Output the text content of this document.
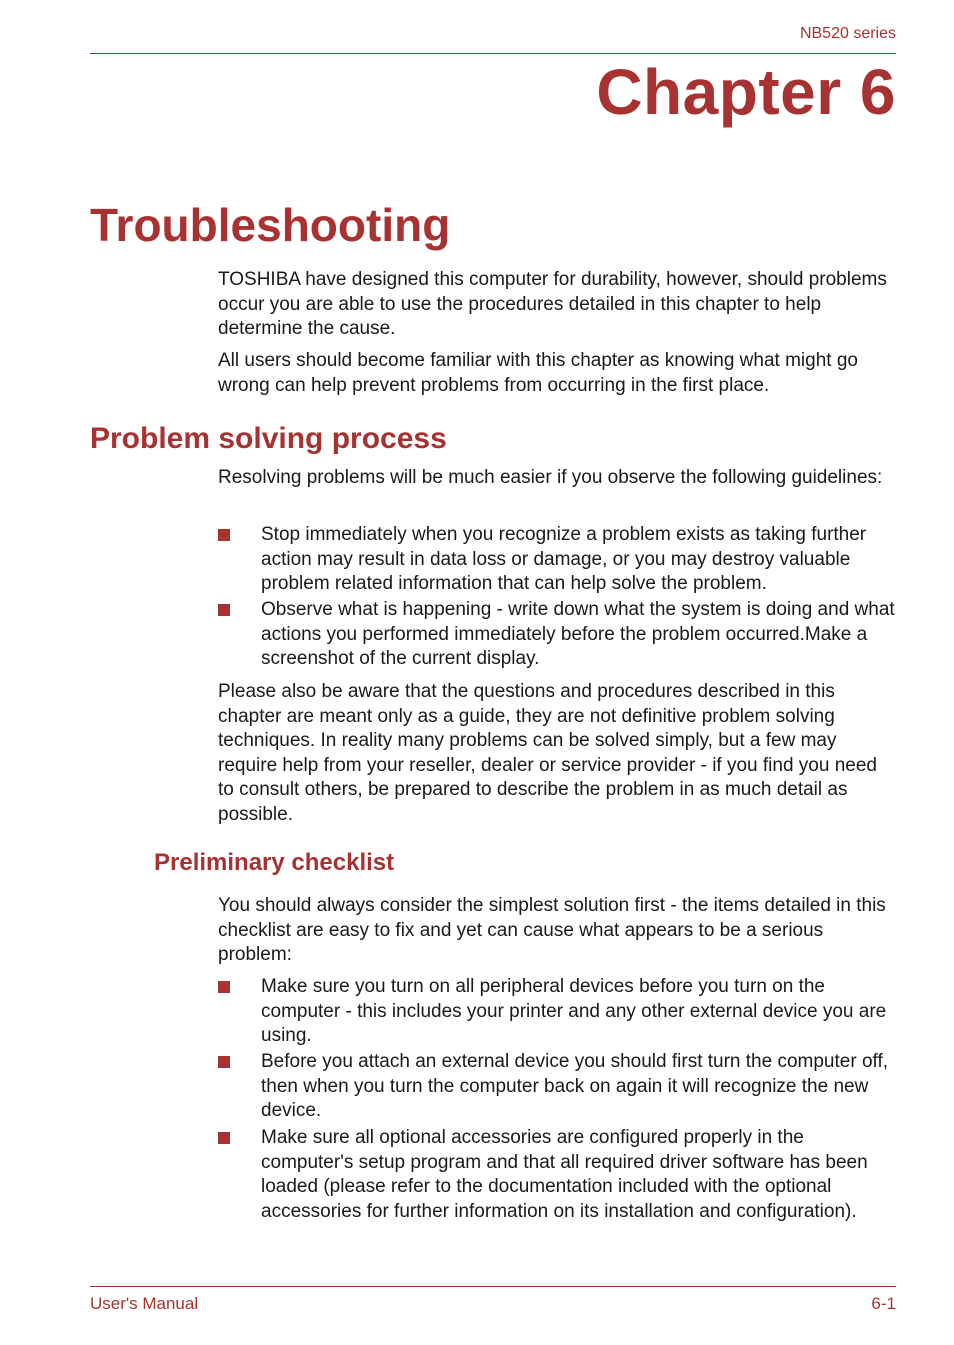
NB520 series

Chapter 6
Troubleshooting

TOSHIBA have designed this computer for durability, however, should problems occur you are able to use the procedures detailed in this chapter to help determine the cause.

All users should become familiar with this chapter as knowing what might go wrong can help prevent problems from occurring in the first place.

Problem solving process

Resolving problems will be much easier if you observe the following guidelines:

Stop immediately when you recognize a problem exists as taking further action may result in data loss or damage, or you may destroy valuable problem related information that can help solve the problem.
Observe what is happening - write down what the system is doing and what actions you performed immediately before the problem occurred.Make a screenshot of the current display.

Please also be aware that the questions and procedures described in this chapter are meant only as a guide, they are not definitive problem solving techniques. In reality many problems can be solved simply, but a few may require help from your reseller, dealer or service provider - if you find you need to consult others, be prepared to describe the problem in as much detail as possible.

Preliminary checklist

You should always consider the simplest solution first - the items detailed in this checklist are easy to fix and yet can cause what appears to be a serious problem:

Make sure you turn on all peripheral devices before you turn on the computer - this includes your printer and any other external device you are using.
Before you attach an external device you should first turn the computer off, then when you turn the computer back on again it will recognize the new device.
Make sure all optional accessories are configured properly in the computer's setup program and that all required driver software has been loaded (please refer to the documentation included with the optional accessories for further information on its installation and configuration).

User's Manual	6-1
